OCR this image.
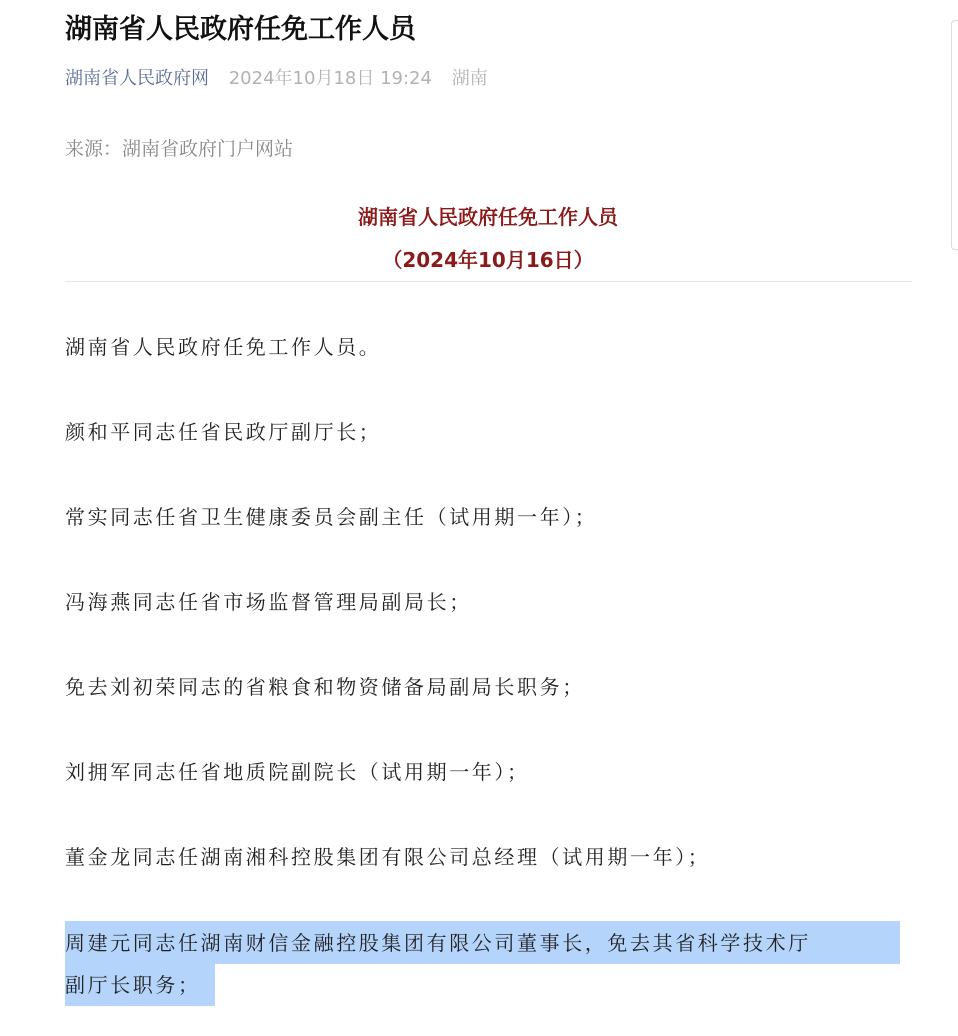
湖南省人民政府任免工作人员
湖南省人民政府网 2024年10月18日 19:24 湖南
来源：湖南省政府门户网站
湖南省人民政府任免工作人员
（2024年10月16日）
湖南省人民政府任免工作人员。
颜和平同志任省民政厅副厅长；
常实同志任省卫生健康委员会副主任（试用期一年）；
冯海燕同志任省市场监督管理局副局长；
免去刘初荣同志的省粮食和物资储备局副局长职务；
刘拥军同志任省地质院副院长（试用期一年）；
董金龙同志任湖南湘科控股集团有限公司总经理（试用期一年）；
周建元同志任湖南财信金融控股集团有限公司董事长，免去其省科学技术厅
副厅长职务；
